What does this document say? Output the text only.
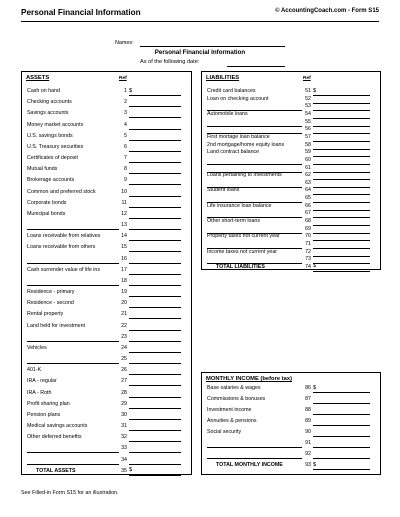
Personal Financial Information	© AccountingCoach.com - Form S15
Names:
Personal Financial Information
As of the following date:
ASSETS	Ref
Cash on hand	1 $
Checking accounts	2
Savings accounts	3
Money market accounts	4
U.S. savings bonds	5
U.S. Treasury securities	6
Certificates of deposit	7
Mutual funds	8
Brokerage accounts	9
Common and preferred stock	10
Corporate bonds	11
Municipal bonds	12
13
Loans receivable from relatives	14
Loans receivable from others	15
16
Cash surrender value of life ins	17
18
Residence - primary	19
Residence - second	20
Rental property	21
Land held for investment	22
23
Vehicles	24
25
401-K	26
IRA - regular	27
IRA - Roth	28
Profit sharing plan	29
Pension plans	30
Medical savings accounts	31
Other deferred benefits	32
33
34
TOTAL ASSETS	35 $
LIABILITIES	Ref
Credit card balances	51 $
Loan on checking account	52
53
Automobile loans	54
55
56
First mortage loan balance	57
2nd mortgage/home equity loans	58
Land contract balance	59
60
61
Loans pertaining to investments	62
63
Student loans	64
65
Life insurance loan balance	66
67
Other short-term loans	68
69
Property taxes not current year	70
71
Income taxes not current year	72
73
TOTAL LIABILITIES	74 $
MONTHLY INCOME (before tax)
Base salaries & wages	86 $
Commissions & bonuses	87
Investment income	88
Annuities & pensions	89
Social security	90
91
92
TOTAL MONTHLY INCOME	93 $
See Filled-in Form S15 for an illustration.
